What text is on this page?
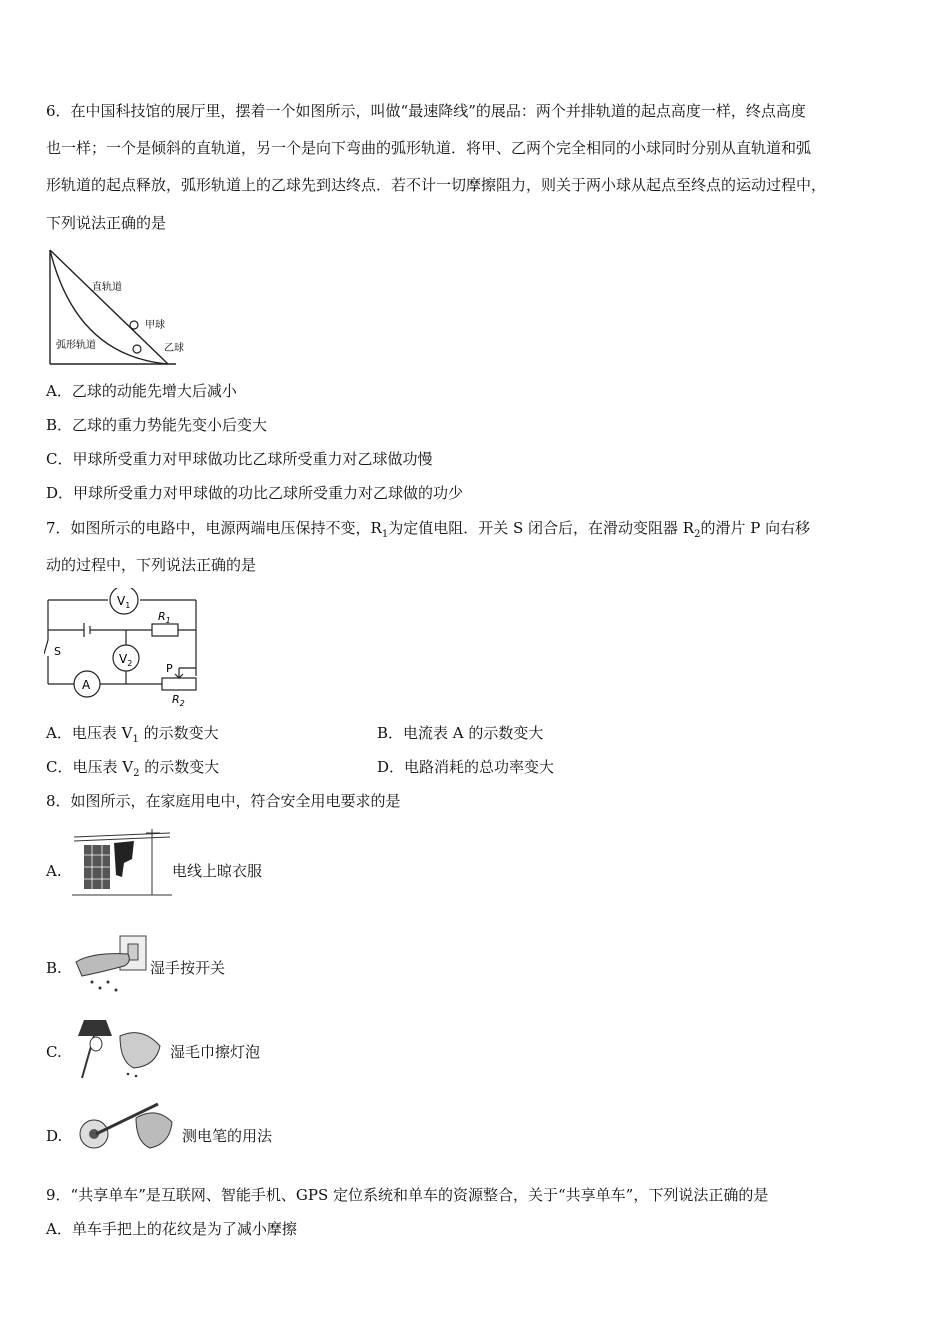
6．在中国科技馆的展厅里，摆着一个如图所示，叫做“最速降线”的展品：两个并排轨道的起点高度一样，终点高度
也一样；一个是倾斜的直轨道，另一个是向下弯曲的弧形轨道．将甲、乙两个完全相同的小球同时分别从直轨道和弧
形轨道的起点释放，弧形轨道上的乙球先到达终点．若不计一切摩擦阻力，则关于两小球从起点至终点的运动过程中，
下列说法正确的是
直轨道
甲球
弧形轨道	乙球
A．乙球的动能先增大后减小
B．乙球的重力势能先变小后变大
C．甲球所受重力对甲球做功比乙球所受重力对乙球做功慢
D．甲球所受重力对甲球做的功比乙球所受重力对乙球做的功少
7．如图所示的电路中，电源两端电压保持不变，$R_1$为定值电阻．开关 S 闭合后，在滑动变阻器 $R_2$的滑片 P 向右移
动的过程中，下列说法正确的是
$V_1$
$V_2$
A
$R_1$
$R_2$
S
P
A．电压表 $V_1$ 的示数变大	B．电流表 A 的示数变大
C．电压表 $V_2$ 的示数变大	D．电路消耗的总功率变大
8．如图所示，在家庭用电中，符合安全用电要求的是
A.	电线上晾衣服
B.	湿手按开关
C.	湿毛巾擦灯泡
D.	测电笔的用法
9．“共享单车”是互联网、智能手机、GPS 定位系统和单车的资源整合，关于“共享单车”，下列说法正确的是
A．单车手把上的花纹是为了减小摩擦
